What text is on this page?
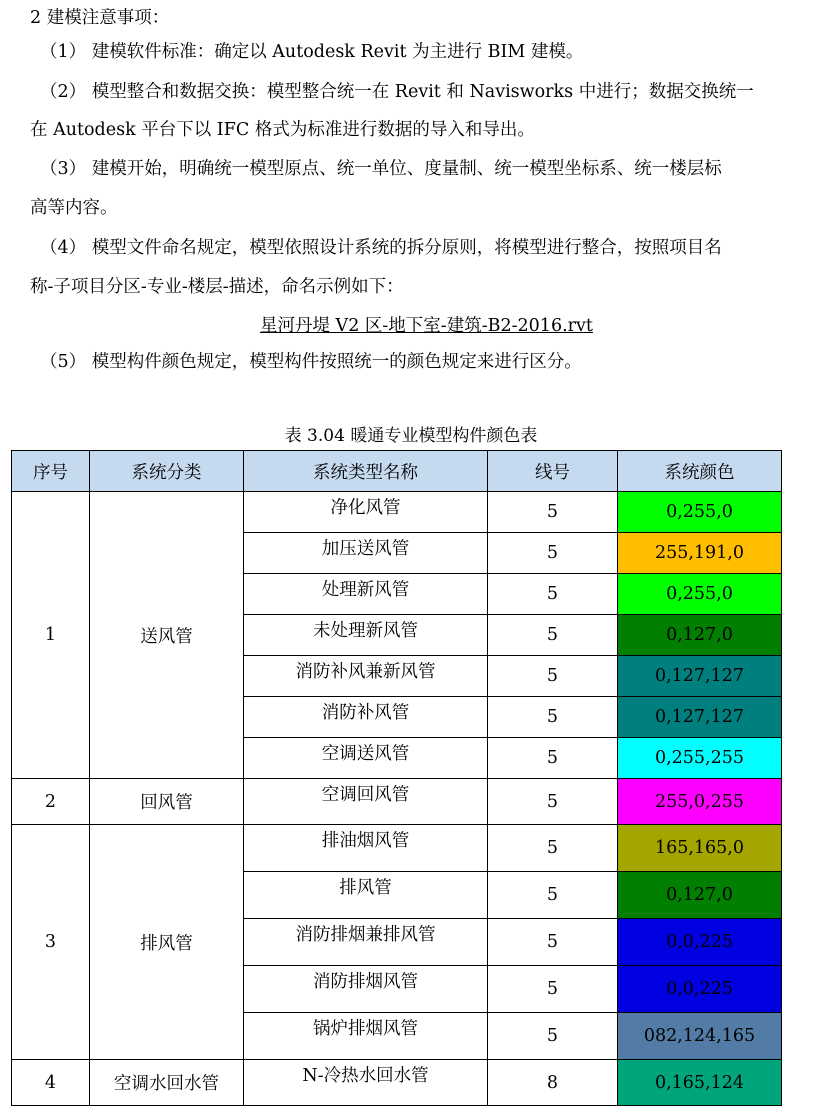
2 建模注意事项：
（1） 建模软件标准：确定以 Autodesk Revit 为主进行 BIM 建模。
（2） 模型整合和数据交换：模型整合统一在 Revit 和 Navisworks 中进行；数据交换统一
在 Autodesk 平台下以 IFC 格式为标准进行数据的导入和导出。
（3） 建模开始，明确统一模型原点、统一单位、度量制、统一模型坐标系、统一楼层标
高等内容。
（4） 模型文件命名规定，模型依照设计系统的拆分原则，将模型进行整合，按照项目名
称-子项目分区-专业-楼层-描述，命名示例如下：
星河丹堤 V2 区-地下室-建筑-B2-2016.rvt
（5） 模型构件颜色规定，模型构件按照统一的颜色规定来进行区分。
表 3.04 暖通专业模型构件颜色表
序号	系统分类	系统类型名称	线号	系统颜色
1	送风管	净化风管	5	0,255,0
		加压送风管	5	255,191,0
		处理新风管	5	0,255,0
		未处理新风管	5	0,127,0
		消防补风兼新风管	5	0,127,127
		消防补风管	5	0,127,127
		空调送风管	5	0,255,255
2	回风管	空调回风管	5	255,0,255
3	排风管	排油烟风管	5	165,165,0
		排风管	5	0,127,0
		消防排烟兼排风管	5	0,0,225
		消防排烟风管	5	0,0,225
		锅炉排烟风管	5	082,124,165
4	空调水回水管	N-冷热水回水管	8	0,165,124
